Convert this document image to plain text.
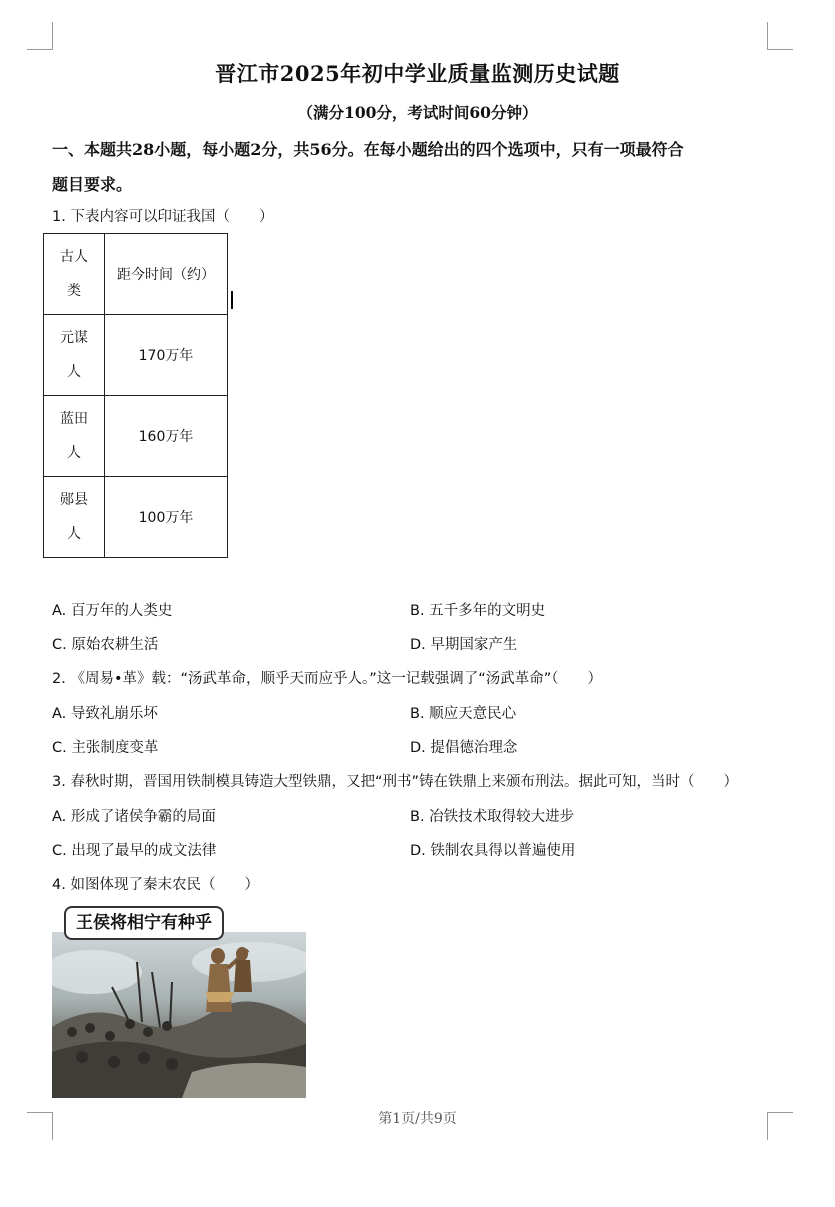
晋江市2025年初中学业质量监测历史试题
（满分100分，考试时间60分钟）
一、本题共28小题，每小题2分，共56分。在每小题给出的四个选项中，只有一项最符合
题目要求。
1. 下表内容可以印证我国（　　）
古人类	距今时间（约）
元谋人	170万年
蓝田人	160万年
郧县人	100万年
A. 百万年的人类史	B. 五千多年的文明史
C. 原始农耕生活	D. 早期国家产生
2. 《周易•革》载：“汤武革命，顺乎天而应乎人。”这一记载强调了“汤武革命”（　　）
A. 导致礼崩乐坏	B. 顺应天意民心
C. 主张制度变革	D. 提倡德治理念
3. 春秋时期，晋国用铁制模具铸造大型铁鼎，又把“刑书”铸在铁鼎上来颁布刑法。据此可知，当时（　　）
A. 形成了诸侯争霸的局面	B. 冶铁技术取得较大进步
C. 出现了最早的成文法律	D. 铁制农具得以普遍使用
4. 如图体现了秦末农民（　　）
王侯将相宁有种乎
第1页/共9页
